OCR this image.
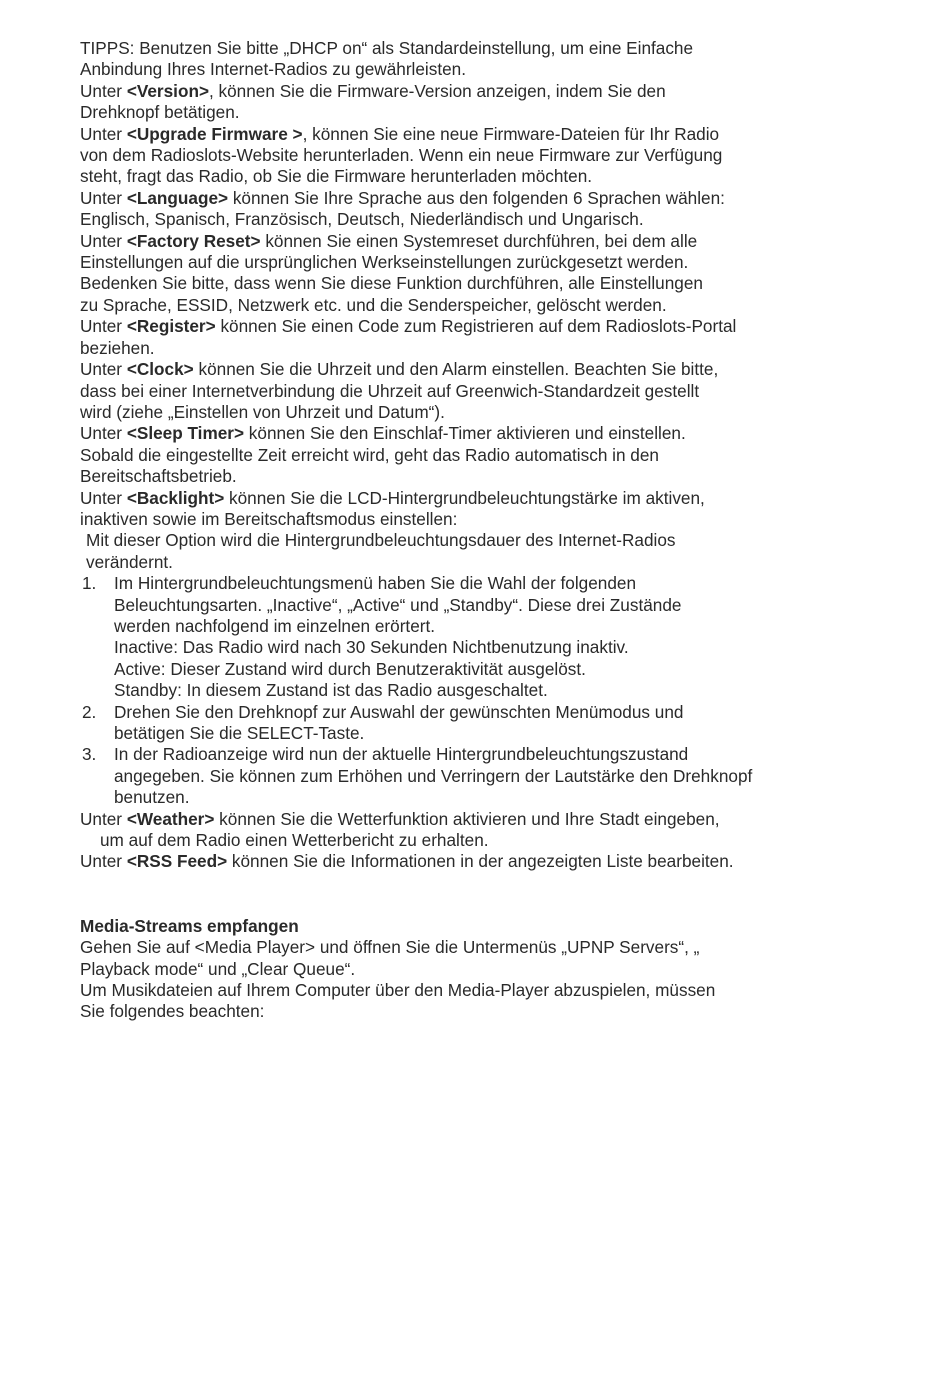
TIPPS: Benutzen Sie bitte „DHCP on“ als Standardeinstellung, um eine Einfache
Anbindung Ihres Internet-Radios zu gewährleisten.
Unter <Version>, können Sie die Firmware-Version anzeigen, indem Sie den
Drehknopf betätigen.
Unter <Upgrade Firmware >, können Sie eine neue Firmware-Dateien für Ihr Radio
von dem Radioslots-Website herunterladen. Wenn ein neue Firmware zur Verfügung
steht, fragt das Radio, ob Sie die Firmware herunterladen möchten.
Unter <Language> können Sie Ihre Sprache aus den folgenden 6 Sprachen wählen:
Englisch, Spanisch, Französisch, Deutsch, Niederländisch und Ungarisch.
Unter <Factory Reset> können Sie einen Systemreset durchführen, bei dem alle
Einstellungen auf die ursprünglichen Werkseinstellungen zurückgesetzt werden.
Bedenken Sie bitte, dass wenn Sie diese Funktion durchführen, alle Einstellungen
zu Sprache, ESSID, Netzwerk etc. und die Senderspeicher, gelöscht werden.
Unter <Register> können Sie einen Code zum Registrieren auf dem Radioslots-Portal
beziehen.
Unter <Clock> können Sie die Uhrzeit und den Alarm einstellen. Beachten Sie bitte,
dass bei einer Internetverbindung die Uhrzeit auf Greenwich-Standardzeit gestellt
wird (ziehe „Einstellen von Uhrzeit und Datum“).
Unter <Sleep Timer> können Sie den Einschlaf-Timer aktivieren und einstellen.
Sobald die eingestellte Zeit erreicht wird, geht das Radio automatisch in den
Bereitschaftsbetrieb.
Unter <Backlight> können Sie die LCD-Hintergrundbeleuchtungstärke im aktiven,
inaktiven sowie im Bereitschaftsmodus einstellen:
Mit dieser Option wird die Hintergrundbeleuchtungsdauer des Internet-Radios
verändernt.
1. Im Hintergrundbeleuchtungsmenü haben Sie die Wahl der folgenden
Beleuchtungsarten. „Inactive“, „Active“ und „Standby“. Diese drei Zustände
werden nachfolgend im einzelnen erörtert.
Inactive: Das Radio wird nach 30 Sekunden Nichtbenutzung inaktiv.
Active: Dieser Zustand wird durch Benutzeraktivität ausgelöst.
Standby: In diesem Zustand ist das Radio ausgeschaltet.
2. Drehen Sie den Drehknopf zur Auswahl der gewünschten Menümodus und
betätigen Sie die SELECT-Taste.
3. In der Radioanzeige wird nun der aktuelle Hintergrundbeleuchtungszustand
angegeben. Sie können zum Erhöhen und Verringern der Lautstärke den Drehknopf
benutzen.
Unter <Weather> können Sie die Wetterfunktion aktivieren und Ihre Stadt eingeben,
um auf dem Radio einen Wetterbericht zu erhalten.
Unter <RSS Feed> können Sie die Informationen in der angezeigten Liste bearbeiten.
Media-Streams empfangen
Gehen Sie auf <Media Player> und öffnen Sie die Untermenüs „UPNP Servers“, „
Playback mode“ und „Clear Queue“.
Um Musikdateien auf Ihrem Computer über den Media-Player abzuspielen, müssen
Sie folgendes beachten:
